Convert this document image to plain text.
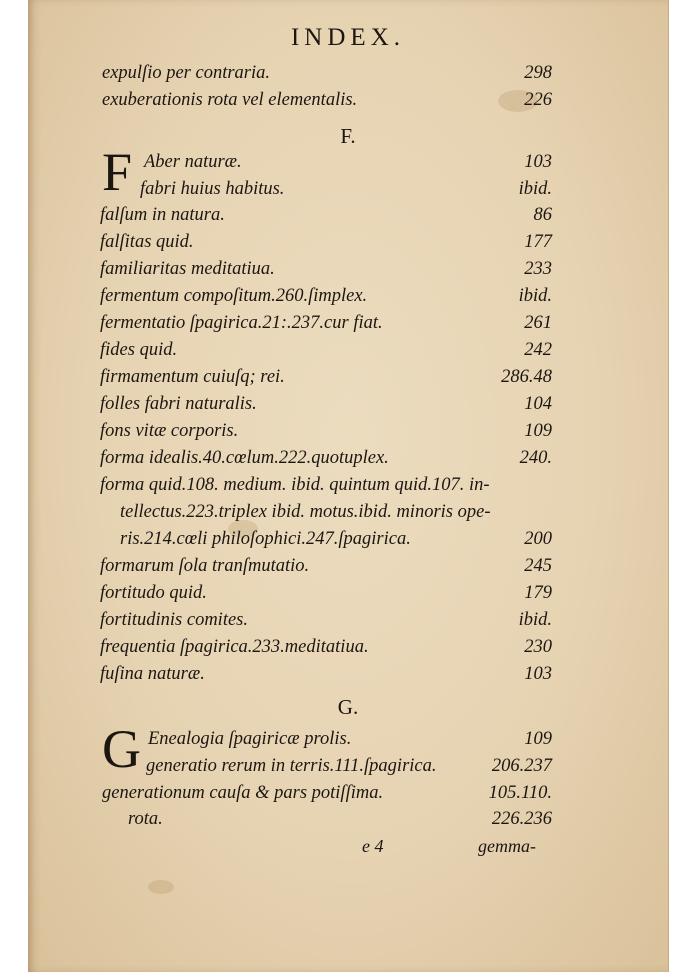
INDEX.
expulſio per contraria.	298
exuberationis rota vel elementalis.	226
F.
F Aber naturæ.	103
fabri huius habitus.	ibid.
falſum in natura.	86
falſitas quid.	177
familiaritas meditatiua.	233
fermentum compoſitum.260.ſimplex.	ibid.
fermentatio ſpagirica.21:.237.cur fiat.	261
fides quid.	242
firmamentum cuiuſq; rei.	286.48
folles fabri naturalis.	104
fons vitæ corporis.	109
forma idealis.40.cœlum.222.quotuplex.	240.
forma quid.108. medium. ibid. quintum quid.107. in-
tellectus.223.triplex ibid. motus.ibid. minoris ope-
ris.214.cœli philoſophici.247.ſpagirica.	200
formarum ſola tranſmutatio.	245
fortitudo quid.	179
fortitudinis comites.	ibid.
frequentia ſpagirica.233.meditatiua.	230
fuſina naturæ.	103
G.
G Enealogia ſpagiricæ prolis.	109
generatio rerum in terris.111.ſpagirica.	206.237
generationum cauſa & pars potiſſima.	105.110.
rota.	226.236
e 4	gemma-
